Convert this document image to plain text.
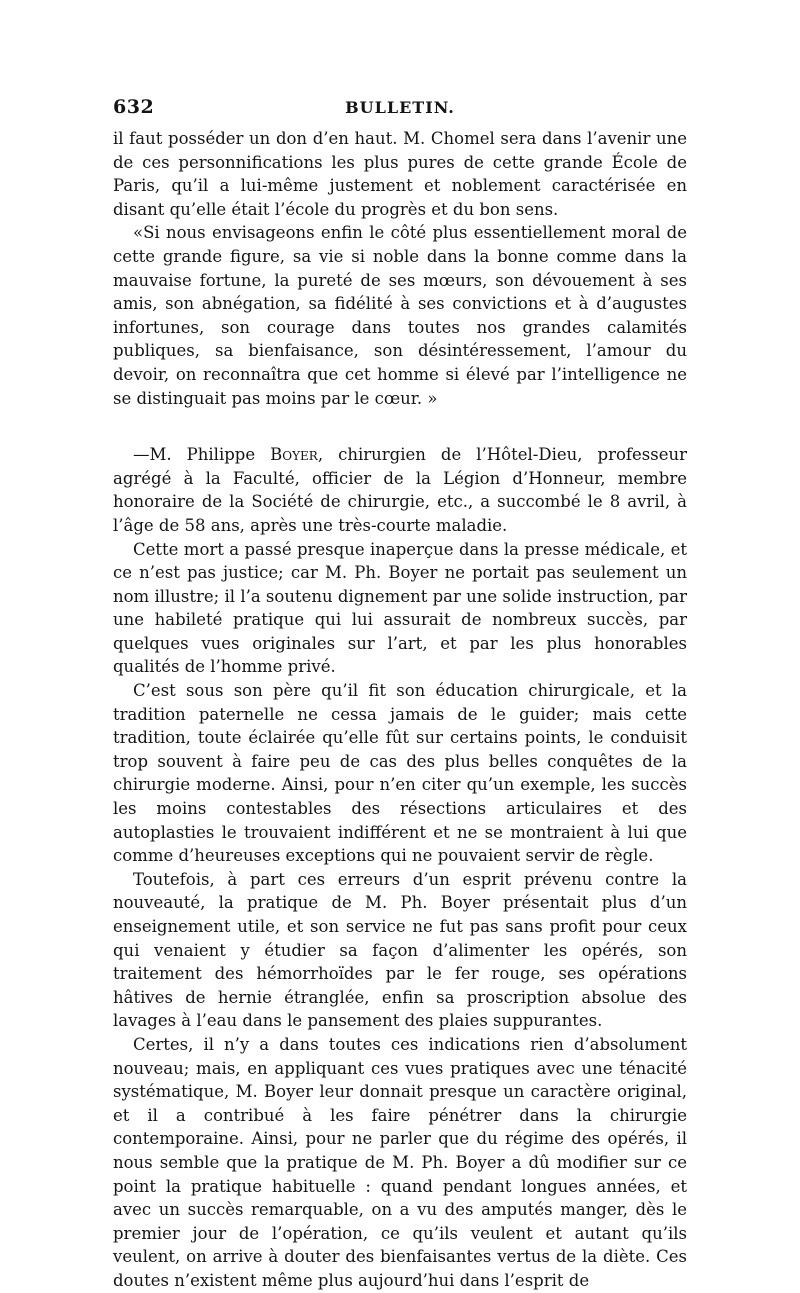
632	BULLETIN.

il faut posséder un don d’en haut. M. Chomel sera dans l’avenir une de ces personnifications les plus pures de cette grande École de Paris, qu’il a lui-même justement et noblement caractérisée en disant qu’elle était l’école du progrès et du bon sens.

«Si nous envisageons enfin le côté plus essentiellement moral de cette grande figure, sa vie si noble dans la bonne comme dans la mauvaise fortune, la pureté de ses mœurs, son dévouement à ses amis, son abnégation, sa fidélité à ses convictions et à d’augustes infortunes, son courage dans toutes nos grandes calamités publiques, sa bienfaisance, son désintéressement, l’amour du devoir, on reconnaîtra que cet homme si élevé par l’intelligence ne se distinguait pas moins par le cœur. »

—M. Philippe Boyer, chirurgien de l’Hôtel-Dieu, professeur agrégé à la Faculté, officier de la Légion d’Honneur, membre honoraire de la Société de chirurgie, etc., a succombé le 8 avril, à l’âge de 58 ans, après une très-courte maladie.

Cette mort a passé presque inaperçue dans la presse médicale, et ce n’est pas justice; car M. Ph. Boyer ne portait pas seulement un nom illustre; il l’a soutenu dignement par une solide instruction, par une habileté pratique qui lui assurait de nombreux succès, par quelques vues originales sur l’art, et par les plus honorables qualités de l’homme privé.

C’est sous son père qu’il fit son éducation chirurgicale, et la tradition paternelle ne cessa jamais de le guider; mais cette tradition, toute éclairée qu’elle fût sur certains points, le conduisit trop souvent à faire peu de cas des plus belles conquêtes de la chirurgie moderne. Ainsi, pour n’en citer qu’un exemple, les succès les moins contestables des résections articulaires et des autoplasties le trouvaient indifférent et ne se montraient à lui que comme d’heureuses exceptions qui ne pouvaient servir de règle.

Toutefois, à part ces erreurs d’un esprit prévenu contre la nouveauté, la pratique de M. Ph. Boyer présentait plus d’un enseignement utile, et son service ne fut pas sans profit pour ceux qui venaient y étudier sa façon d’alimenter les opérés, son traitement des hémorrhoïdes par le fer rouge, ses opérations hâtives de hernie étranglée, enfin sa proscription absolue des lavages à l’eau dans le pansement des plaies suppurantes.

Certes, il n’y a dans toutes ces indications rien d’absolument nouveau; mais, en appliquant ces vues pratiques avec une ténacité systématique, M. Boyer leur donnait presque un caractère original, et il a contribué à les faire pénétrer dans la chirurgie contemporaine. Ainsi, pour ne parler que du régime des opérés, il nous semble que la pratique de M. Ph. Boyer a dû modifier sur ce point la pratique habituelle : quand pendant longues années, et avec un succès remarquable, on a vu des amputés manger, dès le premier jour de l’opération, ce qu’ils veulent et autant qu’ils veulent, on arrive à douter des bienfaisantes vertus de la diète. Ces doutes n’existent même plus aujourd’hui dans l’esprit de
